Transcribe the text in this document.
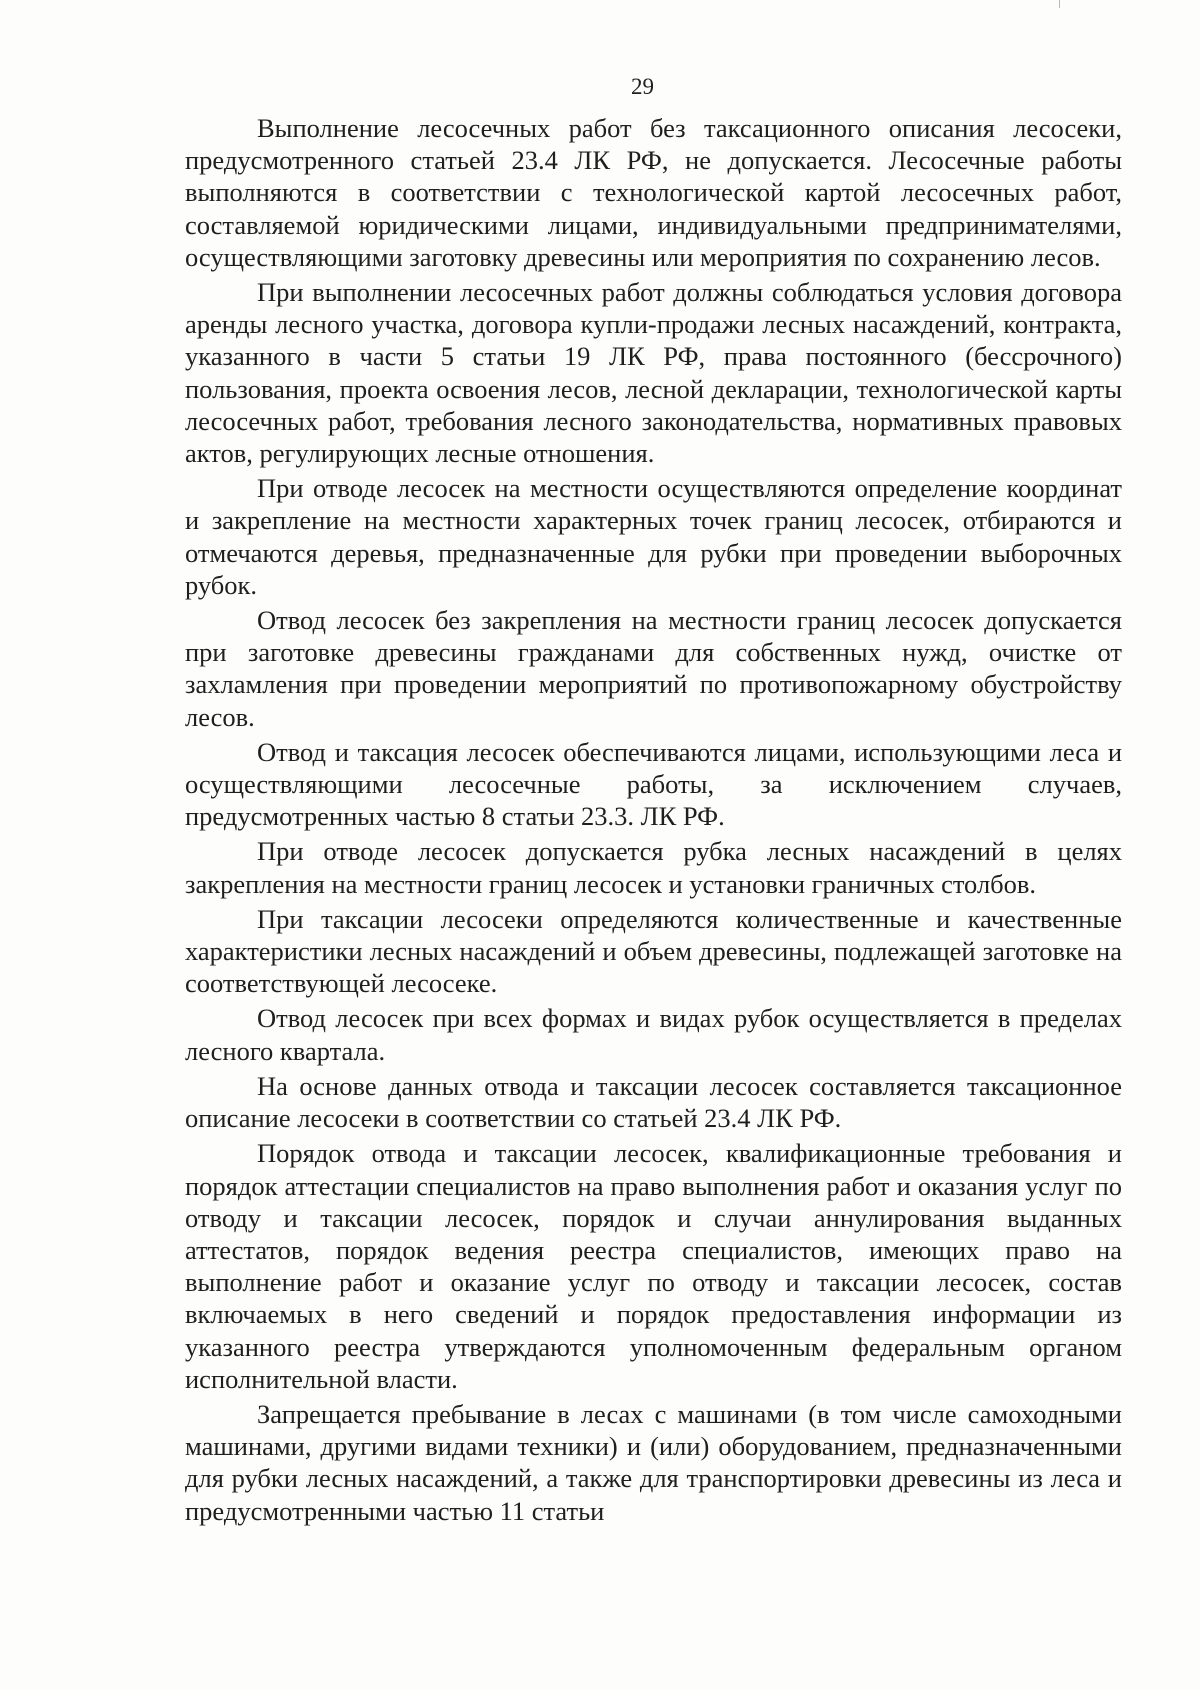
29

Выполнение лесосечных работ без таксационного описания лесосеки, предусмотренного статьей 23.4 ЛК РФ, не допускается. Лесосечные работы выполняются в соответствии с технологической картой лесосечных работ, составляемой юридическими лицами, индивидуальными предпринимателями, осуществляющими заготовку древесины или мероприятия по сохранению лесов.

При выполнении лесосечных работ должны соблюдаться условия договора аренды лесного участка, договора купли-продажи лесных насаждений, контракта, указанного в части 5 статьи 19 ЛК РФ, права постоянного (бессрочного) пользования, проекта освоения лесов, лесной декларации, технологической карты лесосечных работ, требования лесного законодательства, нормативных правовых актов, регулирующих лесные отношения.

При отводе лесосек на местности осуществляются определение координат и закрепление на местности характерных точек границ лесосек, отбираются и отмечаются деревья, предназначенные для рубки при проведении выборочных рубок.

Отвод лесосек без закрепления на местности границ лесосек допускается при заготовке древесины гражданами для собственных нужд, очистке от захламления при проведении мероприятий по противопожарному обустройству лесов.

Отвод и таксация лесосек обеспечиваются лицами, использующими леса и осуществляющими лесосечные работы, за исключением случаев, предусмотренных частью 8 статьи 23.3. ЛК РФ.

При отводе лесосек допускается рубка лесных насаждений в целях закрепления на местности границ лесосек и установки граничных столбов.

При таксации лесосеки определяются количественные и качественные характеристики лесных насаждений и объем древесины, подлежащей заготовке на соответствующей лесосеке.

Отвод лесосек при всех формах и видах рубок осуществляется в пределах лесного квартала.

На основе данных отвода и таксации лесосек составляется таксационное описание лесосеки в соответствии со статьей 23.4 ЛК РФ.

Порядок отвода и таксации лесосек, квалификационные требования и порядок аттестации специалистов на право выполнения работ и оказания услуг по отводу и таксации лесосек, порядок и случаи аннулирования выданных аттестатов, порядок ведения реестра специалистов, имеющих право на выполнение работ и оказание услуг по отводу и таксации лесосек, состав включаемых в него сведений и порядок предоставления информации из указанного реестра утверждаются уполномоченным федеральным органом исполнительной власти.

Запрещается пребывание в лесах с машинами (в том числе самоходными машинами, другими видами техники) и (или) оборудованием, предназначенными для рубки лесных насаждений, а также для транспортировки древесины из леса и предусмотренными частью 11 статьи
